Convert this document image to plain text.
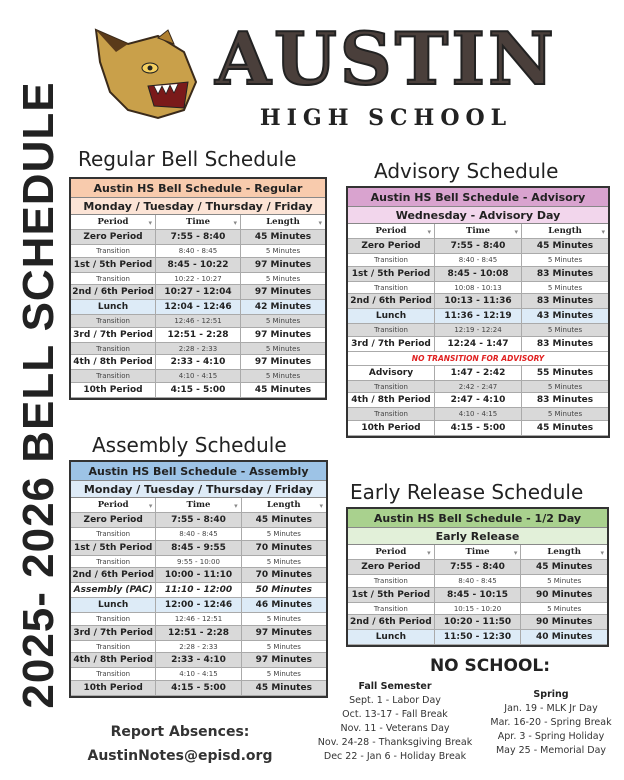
2025- 2026 BELL SCHEDULE
AUSTIN
HIGH SCHOOL
Regular Bell Schedule
Austin HS Bell Schedule - Regular
Monday / Tuesday / Thursday / Friday
Period ▾	Time ▾	Length ▾
Zero Period	7:55 - 8:40	45 Minutes
Transition	8:40 - 8:45	5 Minutes
1st / 5th Period	8:45 - 10:22	97 Minutes
Transition	10:22 - 10:27	5 Minutes
2nd / 6th Period	10:27 - 12:04	97 Minutes
Lunch	12:04 - 12:46	42 Minutes
Transition	12:46 - 12:51	5 Minutes
3rd / 7th Period	12:51 - 2:28	97 Minutes
Transition	2:28 - 2:33	5 Minutes
4th / 8th Period	2:33 - 4:10	97 Minutes
Transition	4:10 - 4:15	5 Minutes
10th Period	4:15 - 5:00	45 Minutes
Advisory Schedule
Austin HS Bell Schedule - Advisory
Wednesday - Advisory Day
Period ▾	Time ▾	Length ▾
Zero Period	7:55 - 8:40	45 Minutes
Transition	8:40 - 8:45	5 Minutes
1st / 5th Period	8:45 - 10:08	83 Minutes
Transition	10:08 - 10:13	5 Minutes
2nd / 6th Period	10:13 - 11:36	83 Minutes
Lunch	11:36 - 12:19	43 Minutes
Transition	12:19 - 12:24	5 Minutes
3rd / 7th Period	12:24 - 1:47	83 Minutes
NO TRANSITION FOR ADVISORY
Advisory	1:47 - 2:42	55 Minutes
Transition	2:42 - 2:47	5 Minutes
4th / 8th Period	2:47 - 4:10	83 Minutes
Transition	4:10 - 4:15	5 Minutes
10th Period	4:15 - 5:00	45 Minutes
Assembly Schedule
Austin HS Bell Schedule - Assembly
Monday / Tuesday / Thursday / Friday
Period ▾	Time ▾	Length ▾
Zero Period	7:55 - 8:40	45 Minutes
Transition	8:40 - 8:45	5 Minutes
1st / 5th Period	8:45 - 9:55	70 Minutes
Transition	9:55 - 10:00	5 Minutes
2nd / 6th Period	10:00 - 11:10	70 Minutes
Assembly (PAC)	11:10 - 12:00	50 Minutes
Lunch	12:00 - 12:46	46 Minutes
Transition	12:46 - 12:51	5 Minutes
3rd / 7th Period	12:51 - 2:28	97 Minutes
Transition	2:28 - 2:33	5 Minutes
4th / 8th Period	2:33 - 4:10	97 Minutes
Transition	4:10 - 4:15	5 Minutes
10th Period	4:15 - 5:00	45 Minutes
Early Release Schedule
Austin HS Bell Schedule - 1/2 Day
Early Release
Period ▾	Time ▾	Length ▾
Zero Period	7:55 - 8:40	45 Minutes
Transition	8:40 - 8:45	5 Minutes
1st / 5th Period	8:45 - 10:15	90 Minutes
Transition	10:15 - 10:20	5 Minutes
2nd / 6th Period	10:20 - 11:50	90 Minutes
Lunch	11:50 - 12:30	40 Minutes
NO SCHOOL:
Fall Semester
Sept. 1 - Labor Day
Oct. 13-17 - Fall Break
Nov. 11 - Veterans Day
Nov. 24-28 - Thanksgiving Break
Dec 22 - Jan 6 - Holiday Break
Spring
Jan. 19 - MLK Jr Day
Mar. 16-20 - Spring Break
Apr. 3 - Spring Holiday
May 25 - Memorial Day
Report Absences:
AustinNotes@episd.org
